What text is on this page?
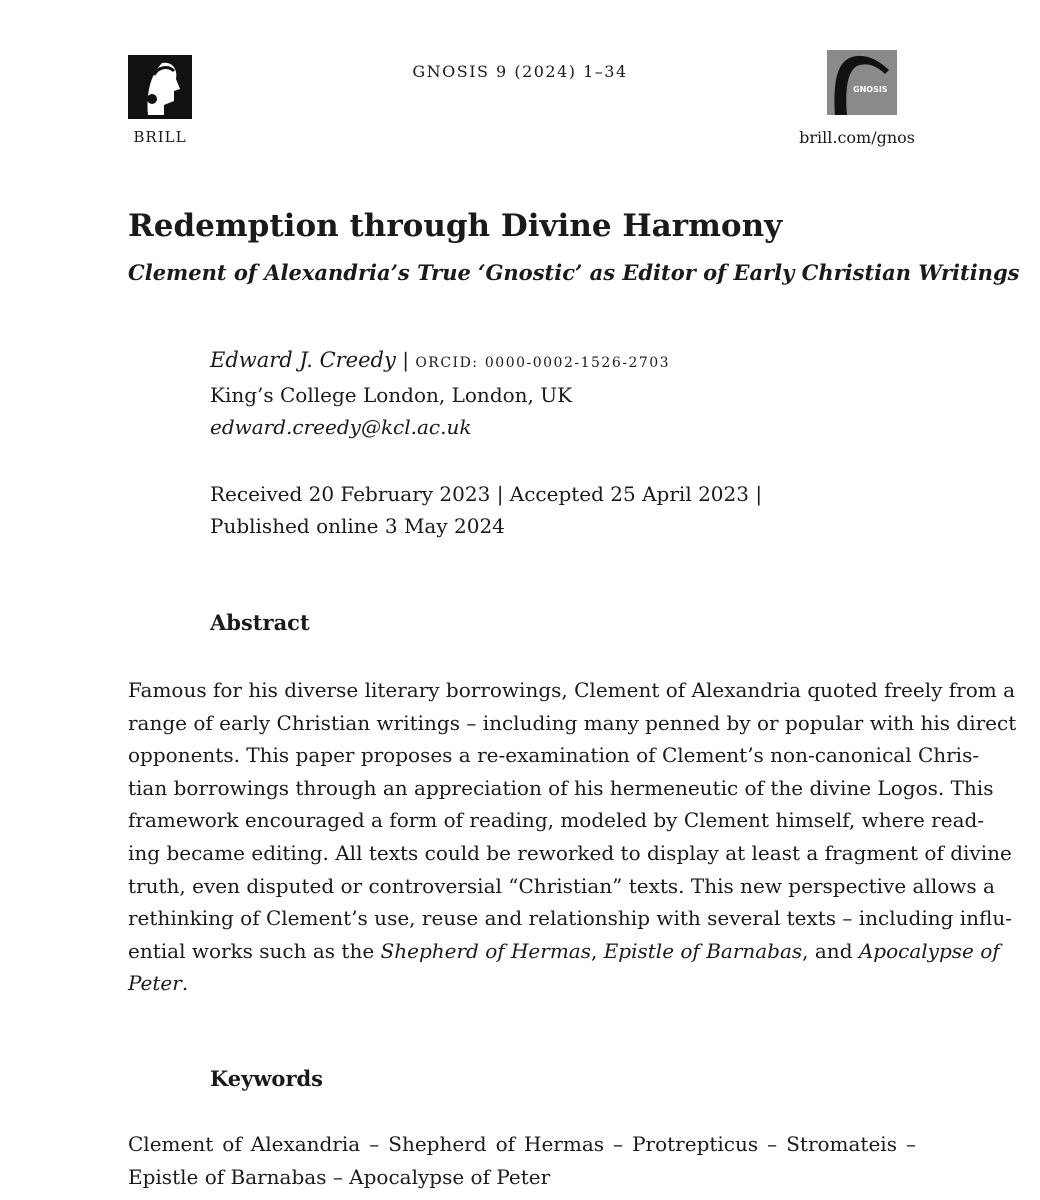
BRILL
GNOSIS 9 (2024) 1–34
GNOSIS
brill.com/gnos
Redemption through Divine Harmony
Clement of Alexandria’s True ‘Gnostic’ as Editor of Early Christian Writings
Edward J. Creedy | ORCID: 0000-0002-1526-2703
King’s College London, London, UK
edward.creedy@kcl.ac.uk
Received 20 February 2023 | Accepted 25 April 2023 |
Published online 3 May 2024
Abstract
Famous for his diverse literary borrowings, Clement of Alexandria quoted freely from a
range of early Christian writings – including many penned by or popular with his direct
opponents. This paper proposes a re-examination of Clement’s non-canonical Chris-
tian borrowings through an appreciation of his hermeneutic of the divine Logos. This
framework encouraged a form of reading, modeled by Clement himself, where read-
ing became editing. All texts could be reworked to display at least a fragment of divine
truth, even disputed or controversial “Christian” texts. This new perspective allows a
rethinking of Clement’s use, reuse and relationship with several texts – including influ-
ential works such as the Shepherd of Hermas, Epistle of Barnabas, and Apocalypse of
Peter.
Keywords
Clement of Alexandria – Shepherd of Hermas – Protrepticus – Stromateis –
Epistle of Barnabas – Apocalypse of Peter
